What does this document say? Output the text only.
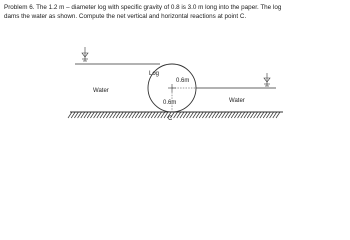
Problem 6. The 1.2 m – diameter log with specific gravity of 0.8 is 3.0 m long into the paper. The log
dams the water as shown. Compute the net vertical and horizontal reactions at point C.
Log
0.6m
0.6m
C
Water
Water
